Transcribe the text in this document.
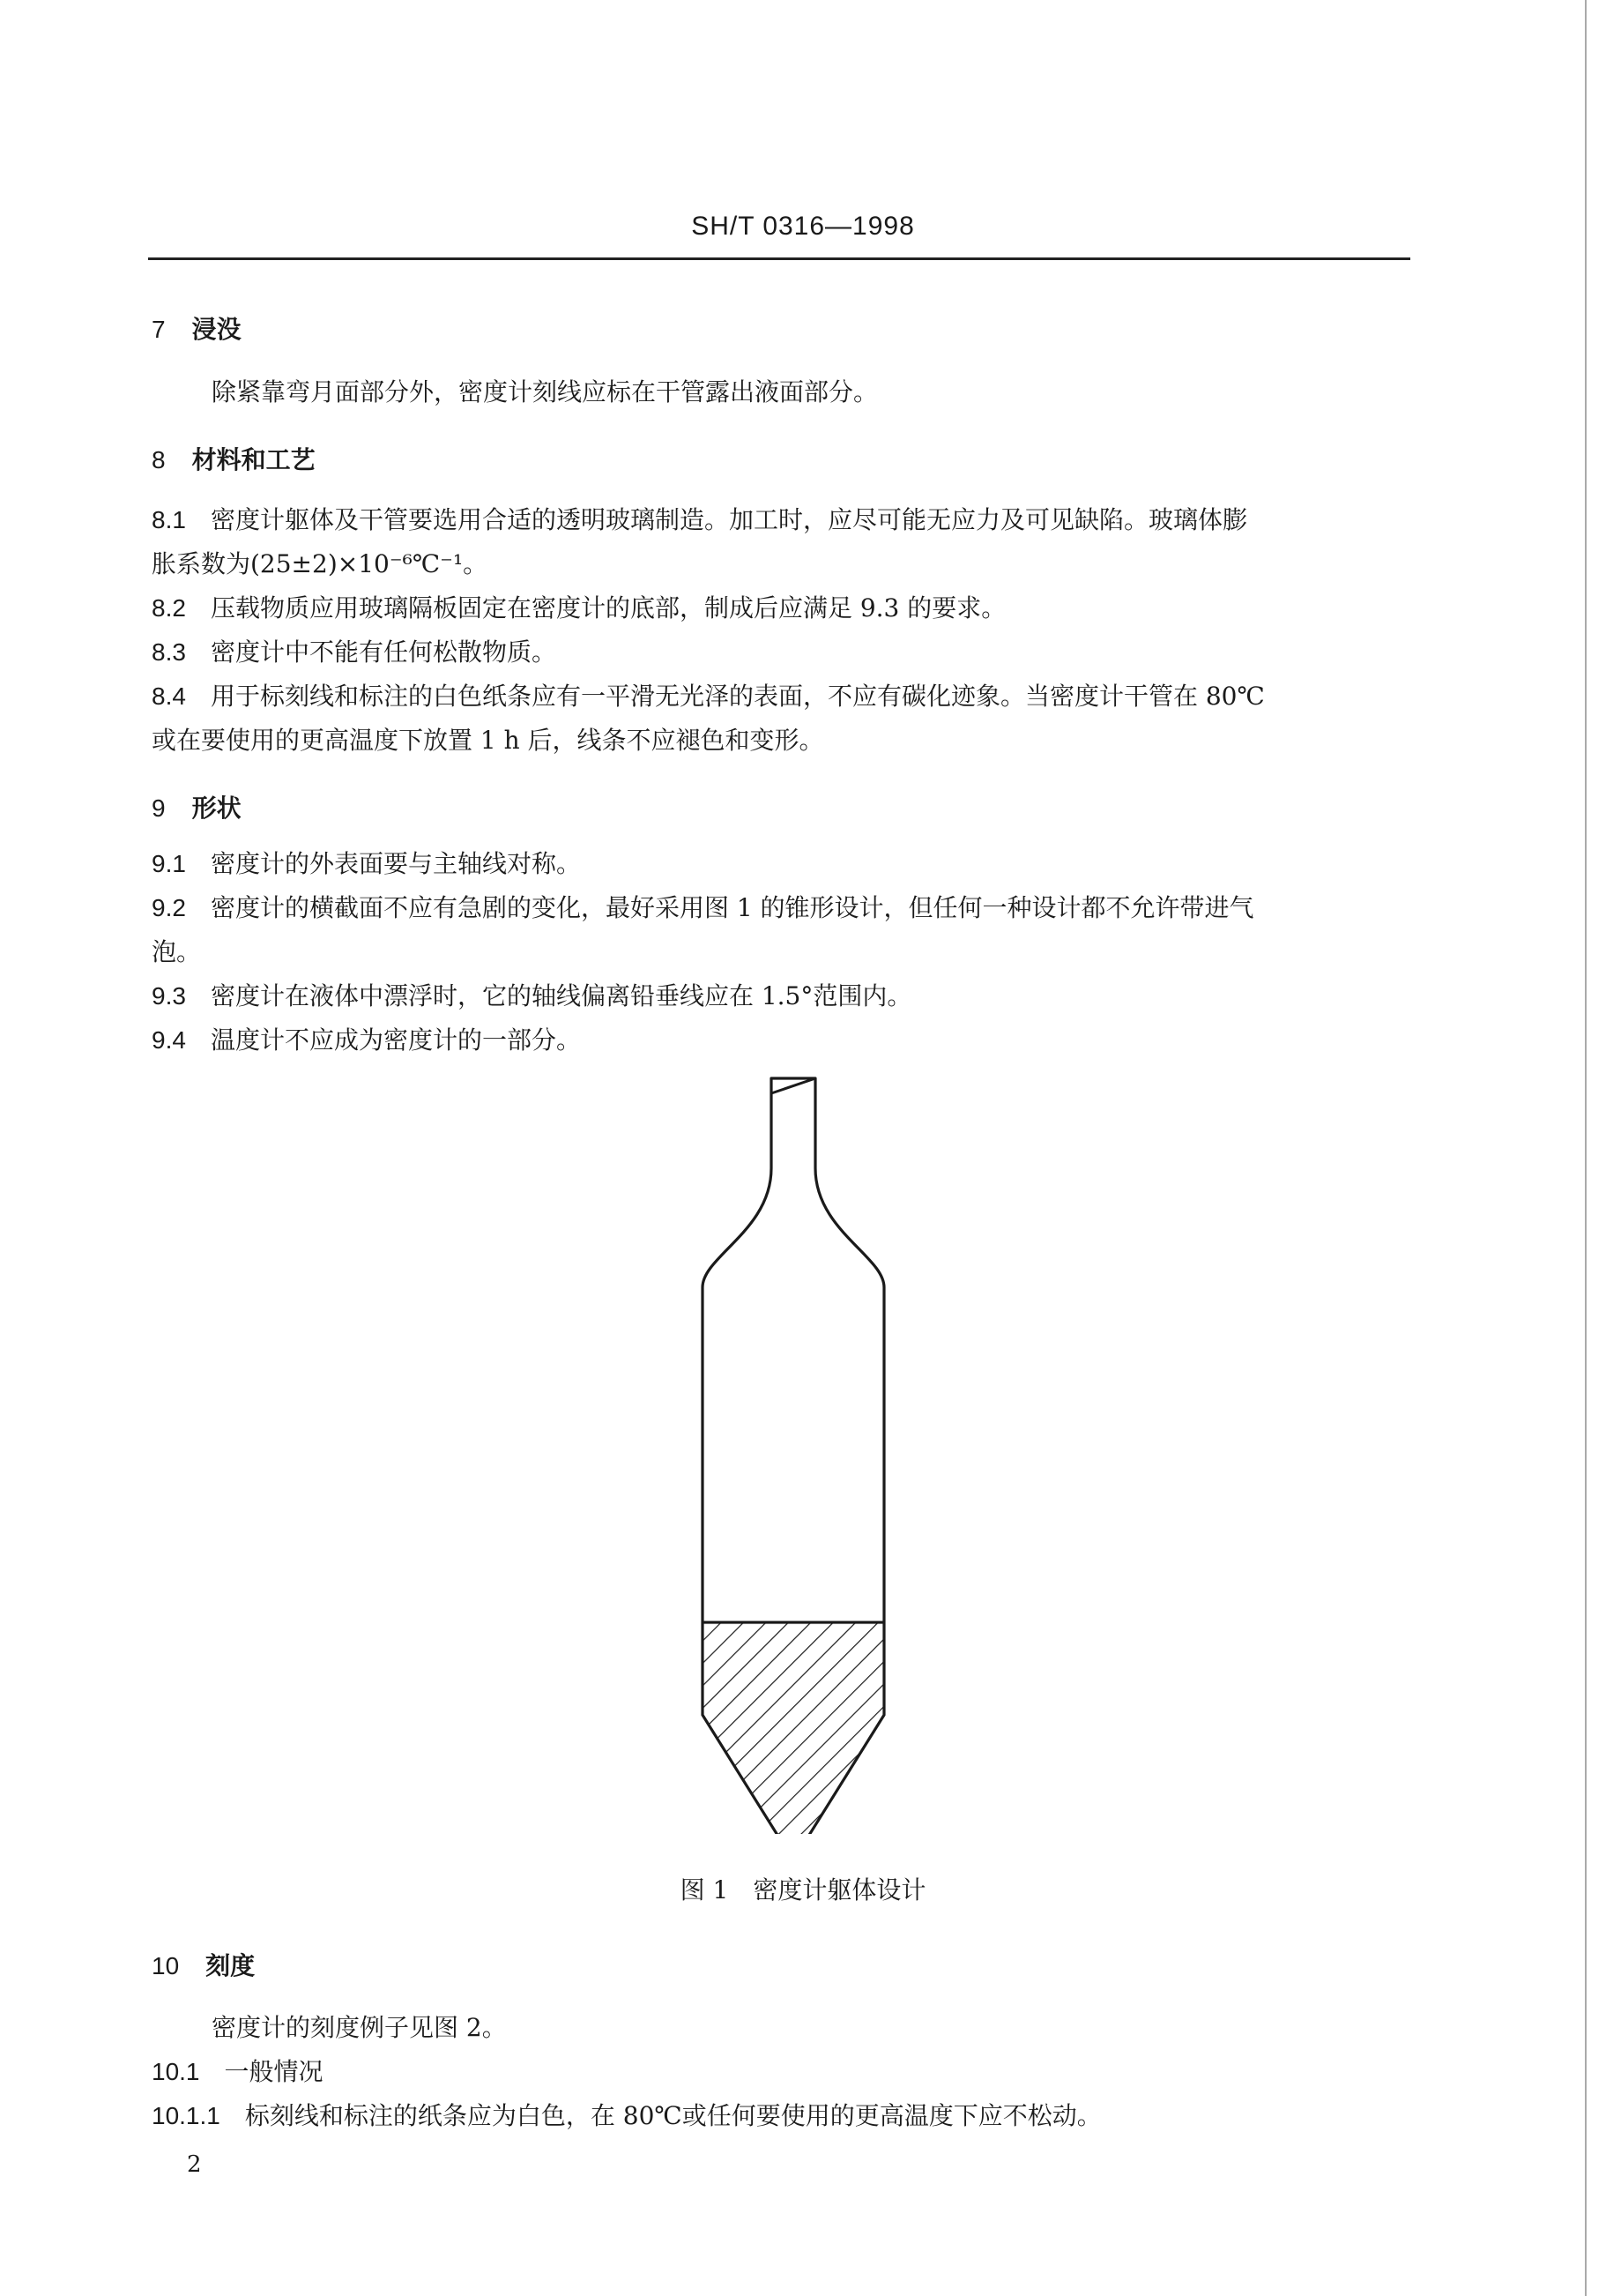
SH/T 0316—1998
7 浸没
除紧靠弯月面部分外，密度计刻线应标在干管露出液面部分。
8 材料和工艺
8.1 密度计躯体及干管要选用合适的透明玻璃制造。加工时，应尽可能无应力及可见缺陷。玻璃体膨
胀系数为(25±2)×10⁻⁶℃⁻¹。
8.2 压载物质应用玻璃隔板固定在密度计的底部，制成后应满足 9.3 的要求。
8.3 密度计中不能有任何松散物质。
8.4 用于标刻线和标注的白色纸条应有一平滑无光泽的表面，不应有碳化迹象。当密度计干管在 80℃
或在要使用的更高温度下放置 1 h 后，线条不应褪色和变形。
9 形状
9.1 密度计的外表面要与主轴线对称。
9.2 密度计的横截面不应有急剧的变化，最好采用图 1 的锥形设计，但任何一种设计都不允许带进气
泡。
9.3 密度计在液体中漂浮时，它的轴线偏离铅垂线应在 1.5°范围内。
9.4 温度计不应成为密度计的一部分。
图 1　密度计躯体设计
10 刻度
密度计的刻度例子见图 2。
10.1 一般情况
10.1.1 标刻线和标注的纸条应为白色，在 80℃或任何要使用的更高温度下应不松动。
2
